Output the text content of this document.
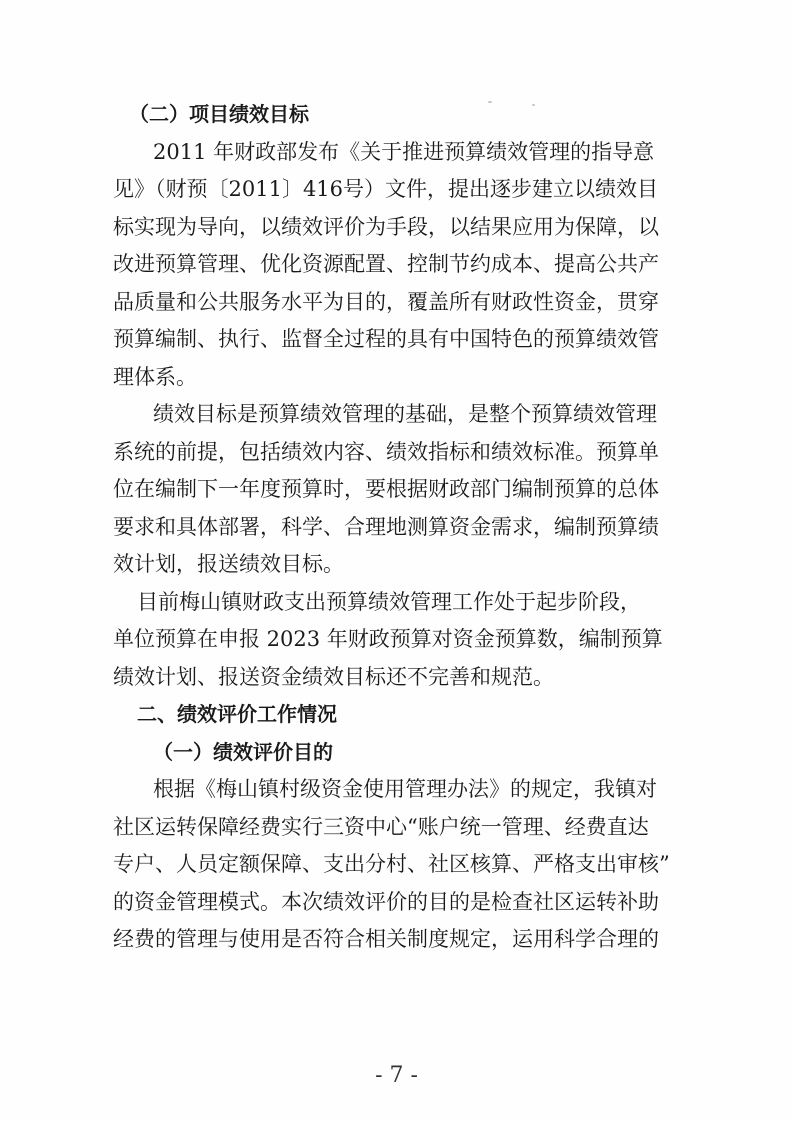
（二）项目绩效目标
2011 年财政部发布《关于推进预算绩效管理的指导意
见》（财预〔2011〕416号）文件，提出逐步建立以绩效目
标实现为导向，以绩效评价为手段，以结果应用为保障，以
改进预算管理、优化资源配置、控制节约成本、提高公共产
品质量和公共服务水平为目的，覆盖所有财政性资金，贯穿
预算编制、执行、监督全过程的具有中国特色的预算绩效管
理体系。
绩效目标是预算绩效管理的基础，是整个预算绩效管理
系统的前提，包括绩效内容、绩效指标和绩效标准。预算单
位在编制下一年度预算时，要根据财政部门编制预算的总体
要求和具体部署，科学、合理地测算资金需求，编制预算绩
效计划，报送绩效目标。
目前梅山镇财政支出预算绩效管理工作处于起步阶段，
单位预算在申报 2023 年财政预算对资金预算数，编制预算
绩效计划、报送资金绩效目标还不完善和规范。
二、绩效评价工作情况
（一）绩效评价目的
根据《梅山镇村级资金使用管理办法》的规定，我镇对
社区运转保障经费实行三资中心“账户统一管理、经费直达
专户、人员定额保障、支出分村、社区核算、严格支出审核”
的资金管理模式。本次绩效评价的目的是检查社区运转补助
经费的管理与使用是否符合相关制度规定，运用科学合理的
- 7 -
